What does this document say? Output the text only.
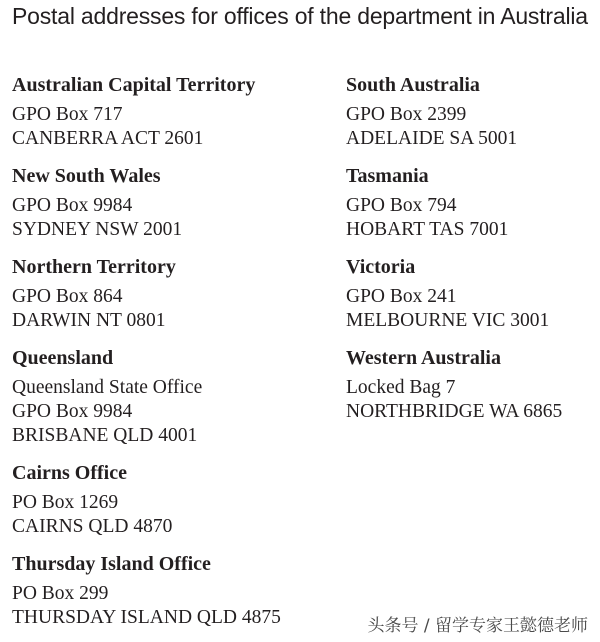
Postal addresses for offices of the department in Australia
Australian Capital Territory
GPO Box 717
CANBERRA ACT 2601
New South Wales
GPO Box 9984
SYDNEY NSW 2001
Northern Territory
GPO Box 864
DARWIN NT 0801
Queensland
Queensland State Office
GPO Box 9984
BRISBANE QLD 4001
Cairns Office
PO Box 1269
CAIRNS QLD 4870
Thursday Island Office
PO Box 299
THURSDAY ISLAND QLD 4875
South Australia
GPO Box 2399
ADELAIDE SA 5001
Tasmania
GPO Box 794
HOBART TAS 7001
Victoria
GPO Box 241
MELBOURNE VIC 3001
Western Australia
Locked Bag 7
NORTHBRIDGE WA 6865
头条号 / 留学专家王懿德老师
